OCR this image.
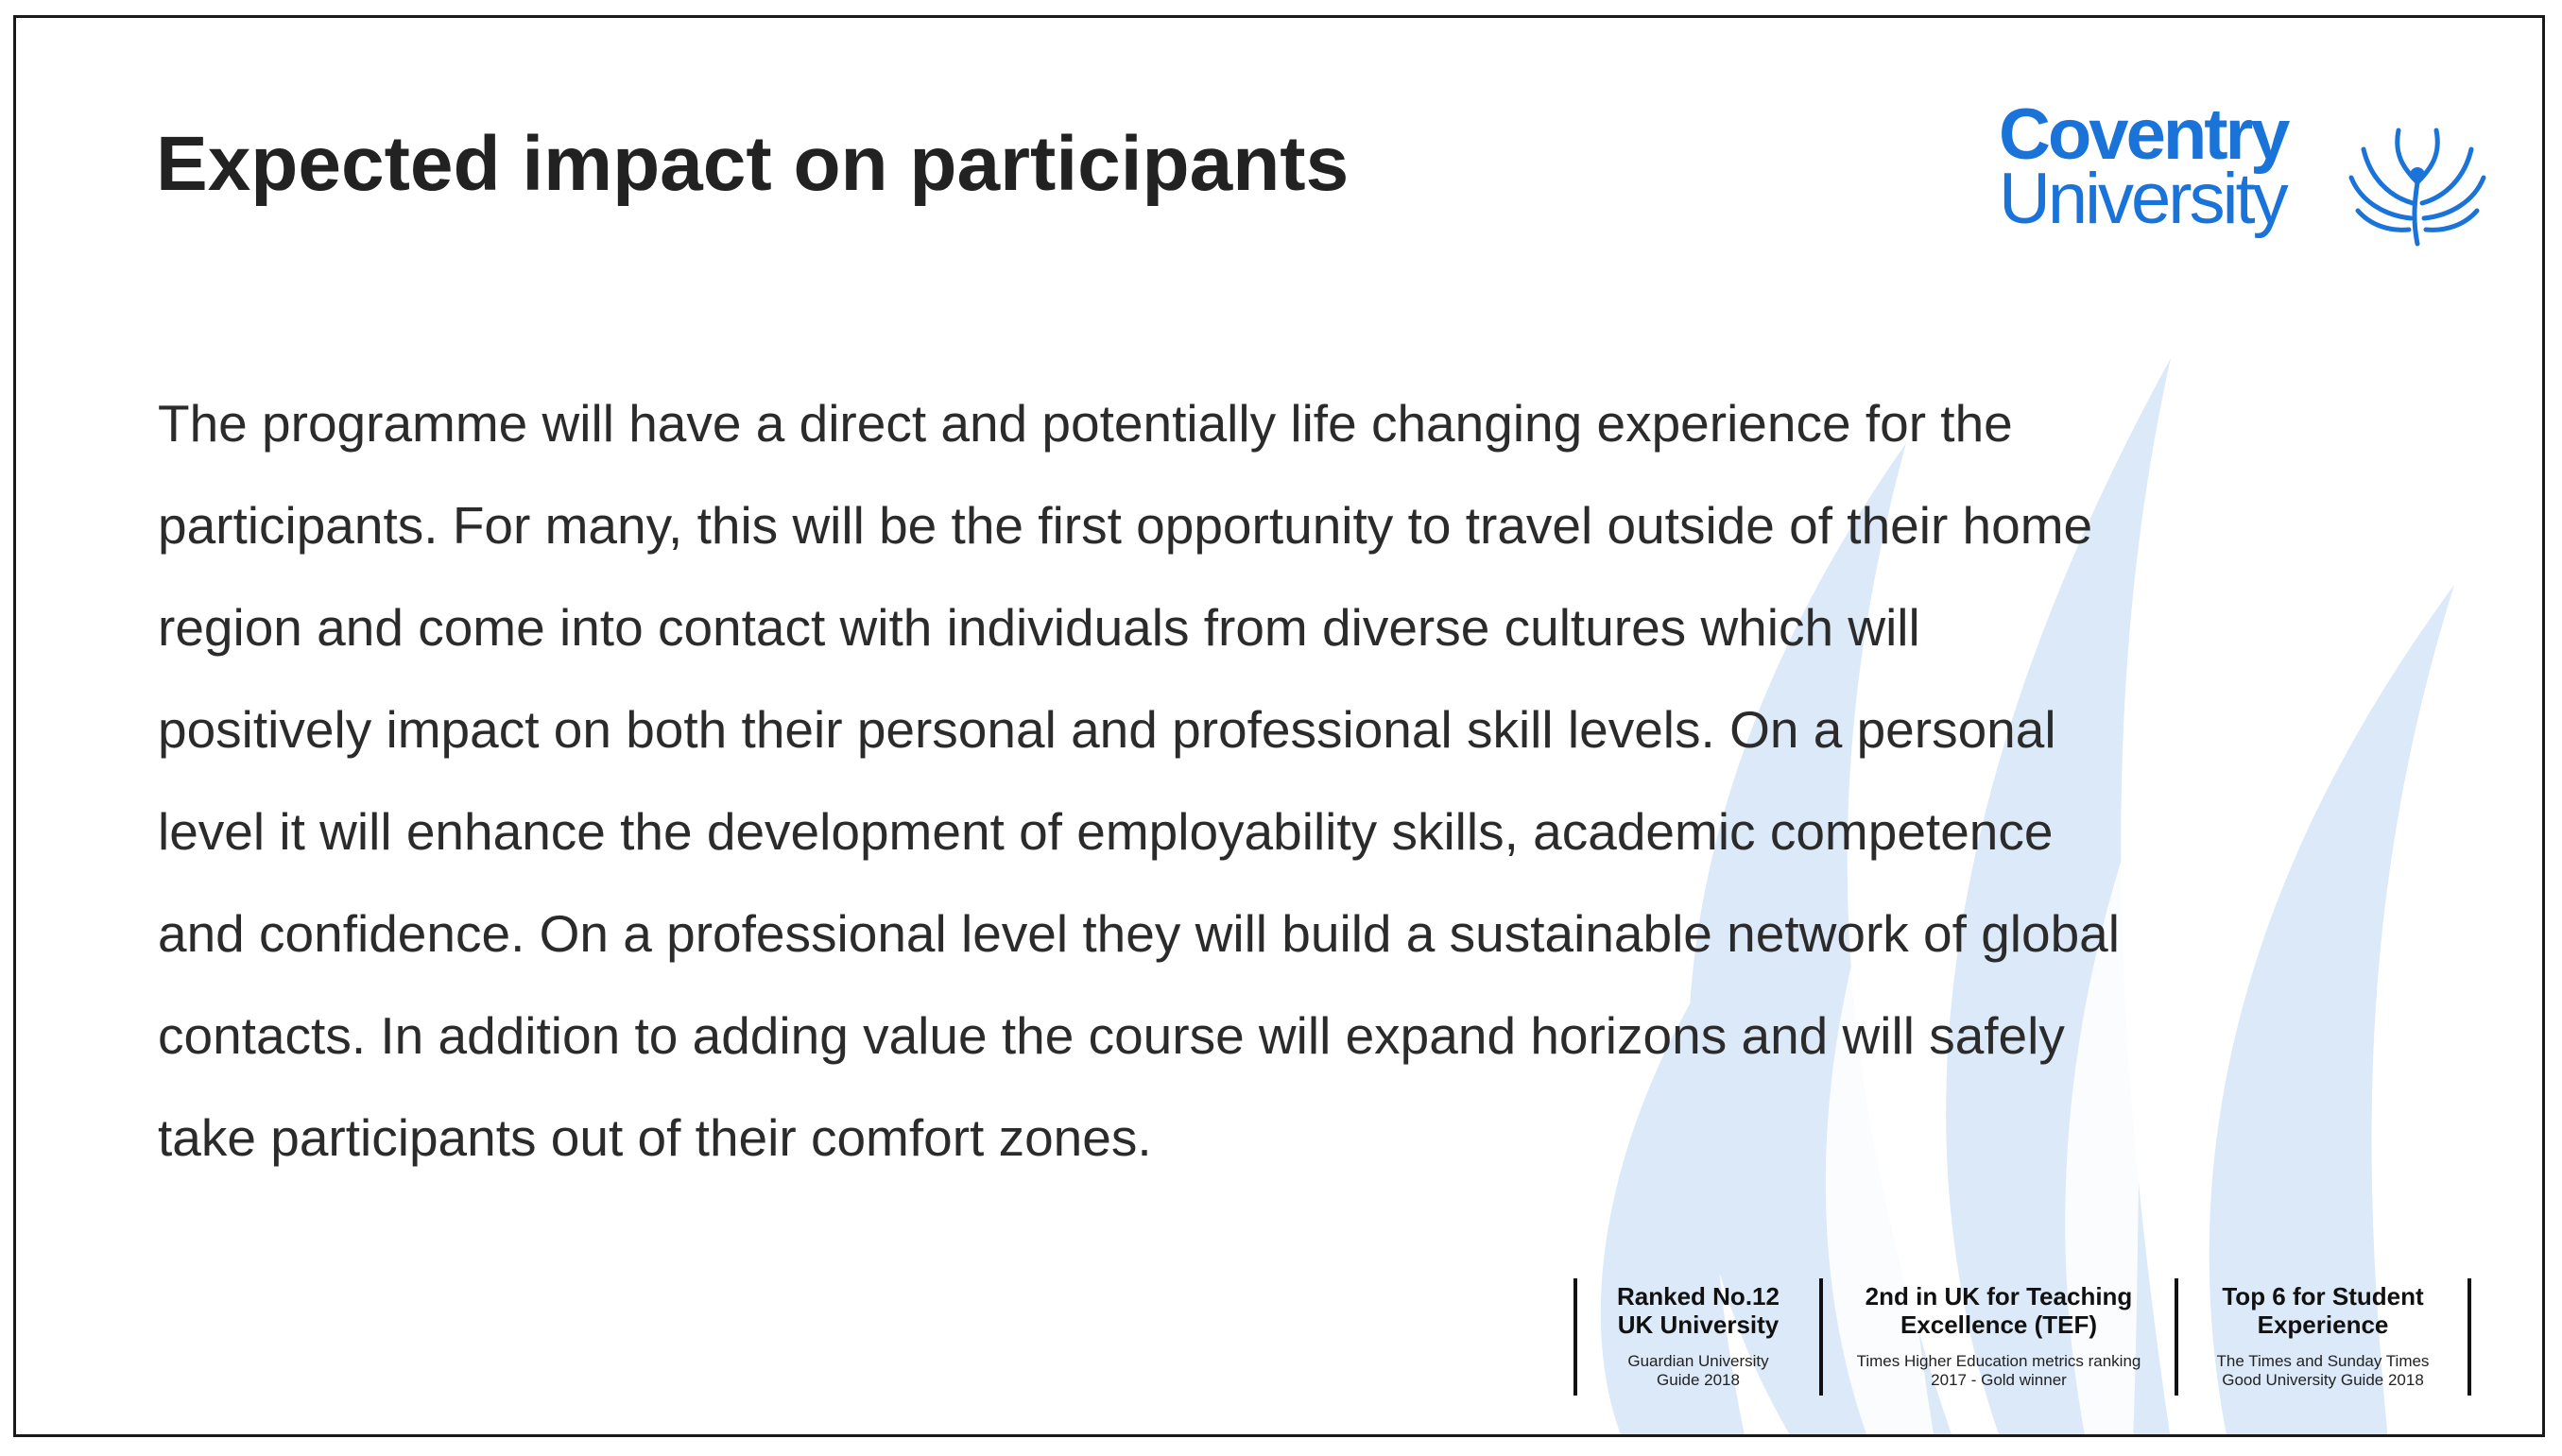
Expected impact on participants	Coventry
University

The programme will have a direct and potentially life changing experience for the
participants. For many, this will be the first opportunity to travel outside of their home
region and come into contact with individuals from diverse cultures which will
positively impact on both their personal and professional skill levels. On a personal
level it will enhance the development of employability skills, academic competence
and confidence. On a professional level they will build a sustainable network of global
contacts. In addition to adding value the course will expand horizons and will safely
take participants out of their comfort zones.

Ranked No.12
UK University
Guardian University
Guide 2018
2nd in UK for Teaching
Excellence (TEF)
Times Higher Education metrics ranking
2017 - Gold winner
Top 6 for Student
Experience
The Times and Sunday Times
Good University Guide 2018
